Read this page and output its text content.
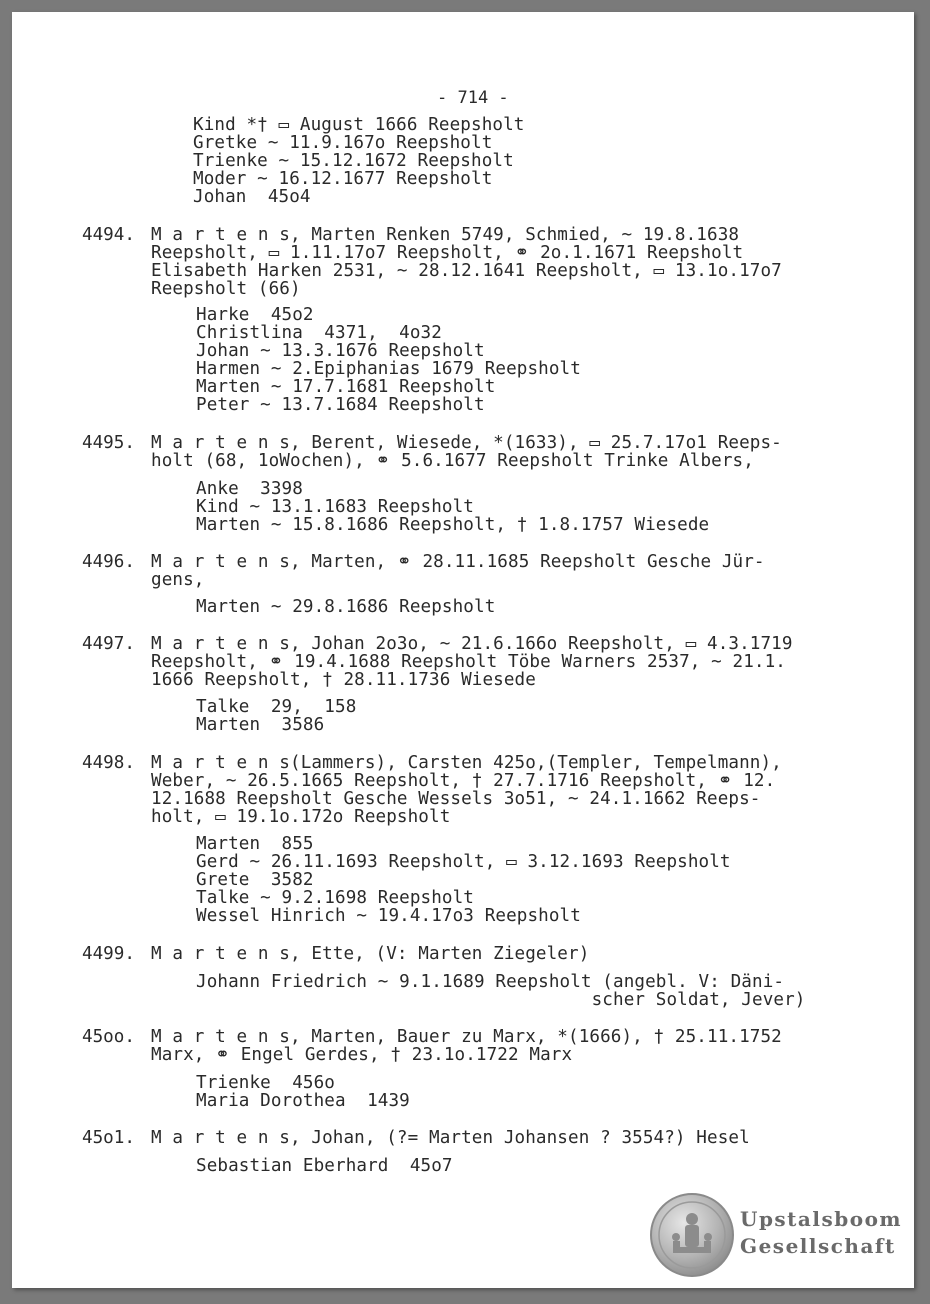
- 714 -
Kind *† ▭ August 1666 Reepsholt
Gretke ~ 11.9.167o Reepsholt
Trienke ~ 15.12.1672 Reepsholt
Moder ~ 16.12.1677 Reepsholt
Johan  45o4
4494. M a r t e n s, Marten Renken 5749, Schmied, ~ 19.8.1638
Reepsholt, ▭ 1.11.17o7 Reepsholt, ⚭ 2o.1.1671 Reepsholt
Elisabeth Harken 2531, ~ 28.12.1641 Reepsholt, ▭ 13.1o.17o7
Reepsholt (66)
Harke  45o2
Christlina  4371,  4o32
Johan ~ 13.3.1676 Reepsholt
Harmen ~ 2.Epiphanias 1679 Reepsholt
Marten ~ 17.7.1681 Reepsholt
Peter ~ 13.7.1684 Reepsholt
4495. M a r t e n s, Berent, Wiesede, *(1633), ▭ 25.7.17o1 Reeps-
holt (68, 1oWochen), ⚭ 5.6.1677 Reepsholt Trinke Albers,
Anke  3398
Kind ~ 13.1.1683 Reepsholt
Marten ~ 15.8.1686 Reepsholt, † 1.8.1757 Wiesede
4496. M a r t e n s, Marten, ⚭ 28.11.1685 Reepsholt Gesche Jür-
gens,
Marten ~ 29.8.1686 Reepsholt
4497. M a r t e n s, Johan 2o3o, ~ 21.6.166o Reepsholt, ▭ 4.3.1719
Reepsholt, ⚭ 19.4.1688 Reepsholt Töbe Warners 2537, ~ 21.1.
1666 Reepsholt, † 28.11.1736 Wiesede
Talke  29,  158
Marten  3586
4498. M a r t e n s(Lammers), Carsten 425o,(Templer, Tempelmann),
Weber, ~ 26.5.1665 Reepsholt, † 27.7.1716 Reepsholt, ⚭ 12.
12.1688 Reepsholt Gesche Wessels 3o51, ~ 24.1.1662 Reeps-
holt, ▭ 19.1o.172o Reepsholt
Marten  855
Gerd ~ 26.11.1693 Reepsholt, ▭ 3.12.1693 Reepsholt
Grete  3582
Talke ~ 9.2.1698 Reepsholt
Wessel Hinrich ~ 19.4.17o3 Reepsholt
4499. M a r t e n s, Ette, (V: Marten Ziegeler)
Johann Friedrich ~ 9.1.1689 Reepsholt (angebl. V: Däni-
scher Soldat, Jever)
45oo. M a r t e n s, Marten, Bauer zu Marx, *(1666), † 25.11.1752
Marx, ⚭ Engel Gerdes, † 23.1o.1722 Marx
Trienke  456o
Maria Dorothea  1439
45o1. M a r t e n s, Johan, (?= Marten Johansen ? 3554?) Hesel
Sebastian Eberhard  45o7
Upstalsboom
Gesellschaft
